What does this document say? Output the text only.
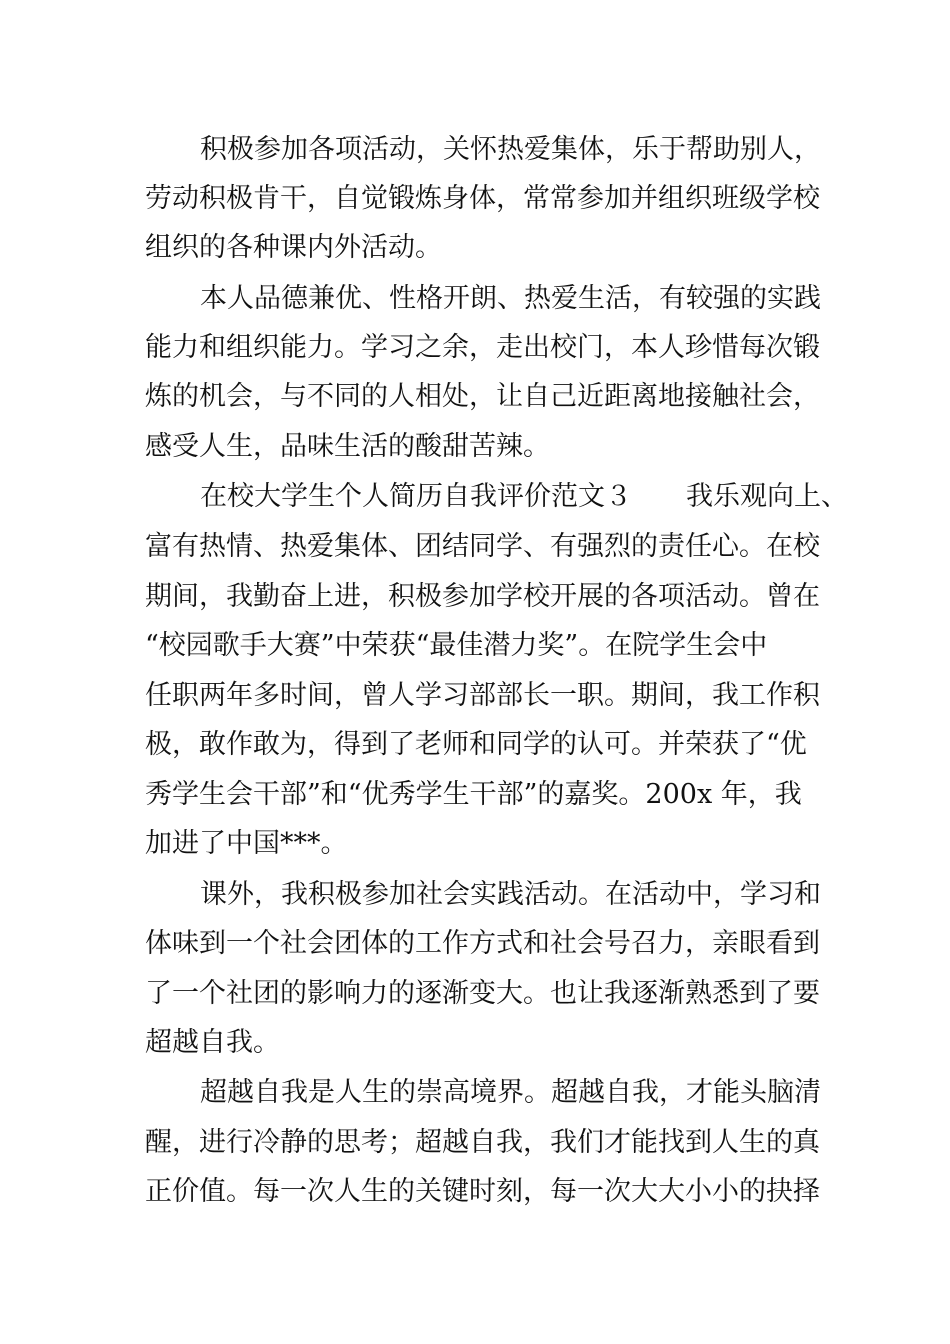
积极参加各项活动，关怀热爱集体，乐于帮助别人，
劳动积极肯干，自觉锻炼身体，常常参加并组织班级学校
组织的各种课内外活动。
本人品德兼优、性格开朗、热爱生活，有较强的实践
能力和组织能力。学习之余，走出校门，本人珍惜每次锻
炼的机会，与不同的人相处，让自己近距离地接触社会，
感受人生，品味生活的酸甜苦辣。
在校大学生个人简历自我评价范文３　　我乐观向上、
富有热情、热爱集体、团结同学、有强烈的责任心。在校
期间，我勤奋上进，积极参加学校开展的各项活动。曾在
“校园歌手大赛”中荣获“最佳潜力奖”。在院学生会中
任职两年多时间，曾人学习部部长一职。期间，我工作积
极，敢作敢为，得到了老师和同学的认可。并荣获了“优
秀学生会干部”和“优秀学生干部”的嘉奖。200x 年，我
加进了中国***。
课外，我积极参加社会实践活动。在活动中，学习和
体味到一个社会团体的工作方式和社会号召力，亲眼看到
了一个社团的影响力的逐渐变大。也让我逐渐熟悉到了要
超越自我。
超越自我是人生的崇高境界。超越自我，才能头脑清
醒，进行冷静的思考；超越自我，我们才能找到人生的真
正价值。每一次人生的关键时刻，每一次大大小小的抉择
